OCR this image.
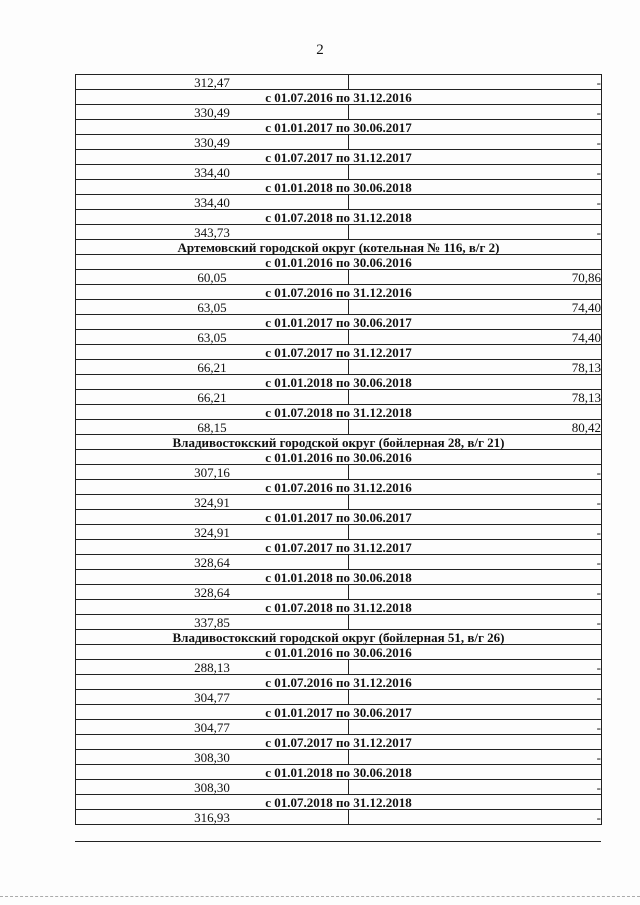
2
312,47	-
с 01.07.2016 по 31.12.2016	
330,49	-
с 01.01.2017 по 30.06.2017	
330,49	-
с 01.07.2017 по 31.12.2017	
334,40	-
с 01.01.2018 по 30.06.2018	
334,40	-
с 01.07.2018 по 31.12.2018	
343,73	-
Артемовский городской округ (котельная № 116, в/г 2)	
с 01.01.2016 по 30.06.2016	
60,05	70,86
с 01.07.2016 по 31.12.2016	
63,05	74,40
с 01.01.2017 по 30.06.2017	
63,05	74,40
с 01.07.2017 по 31.12.2017	
66,21	78,13
с 01.01.2018 по 30.06.2018	
66,21	78,13
с 01.07.2018 по 31.12.2018	
68,15	80,42
Владивостокский городской округ (бойлерная 28, в/г 21)	
с 01.01.2016 по 30.06.2016	
307,16	-
с 01.07.2016 по 31.12.2016	
324,91	-
с 01.01.2017 по 30.06.2017	
324,91	-
с 01.07.2017 по 31.12.2017	
328,64	-
с 01.01.2018 по 30.06.2018	
328,64	-
с 01.07.2018 по 31.12.2018	
337,85	-
Владивостокский городской округ (бойлерная 51, в/г 26)	
с 01.01.2016 по 30.06.2016	
288,13	-
с 01.07.2016 по 31.12.2016	
304,77	-
с 01.01.2017 по 30.06.2017	
304,77	-
с 01.07.2017 по 31.12.2017	
308,30	-
с 01.01.2018 по 30.06.2018	
308,30	-
с 01.07.2018 по 31.12.2018	
316,93	-
